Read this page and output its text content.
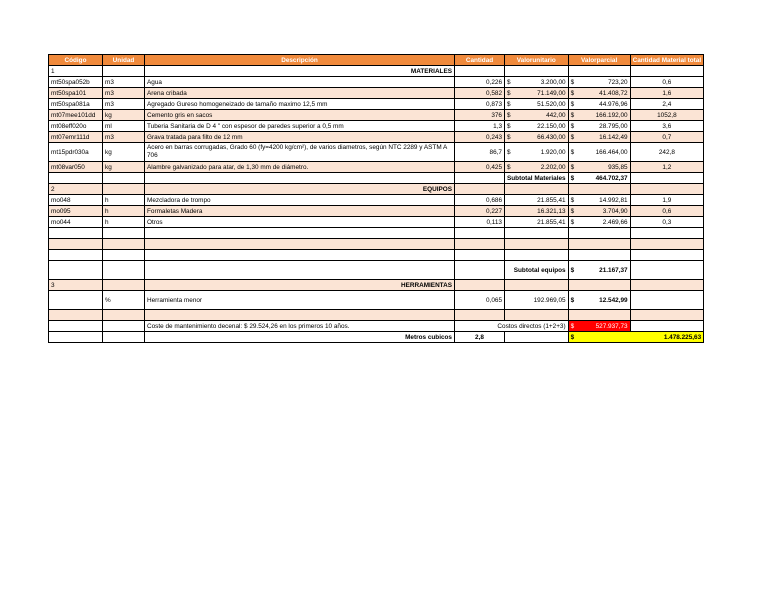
Código	Unidad	Descripción	Cantidad	Valorunitario	Valorparcial	Cantidad Material total
1		MATERIALES				
mt50spa052b	m3	Agua	0,226	$ 3.200,00	$ 723,20	0,6
mt50spa101	m3	Arena cribada	0,582	$ 71.149,00	$ 41.408,72	1,6
mt50spa081a	m3	Agregado Gureso homogeneizado de tamaño maximo 12,5 mm	0,873	$ 51.520,00	$ 44.976,96	2,4
mt07mee101dd	kg	Cemento gris en sacos	376	$ 442,00	$ 166.192,00	1052,8
mt08eff020o	ml	Tuberia Sanitaria de D 4 " con espesor de paredes superior a 0,5 mm	1,3	$ 22.150,00	$ 28.795,00	3,6
mt07emr111d	m3	Grava tratada para filto de 12 mm	0,243	$ 66.430,00	$ 16.142,49	0,7
mt15pdr030a	kg	Acero en barras corrugadas, Grado 60 (fy=4200 kg/cm²), de varios diametros, según NTC 2289 y ASTM A 706	86,7	$ 1.920,00	$ 166.464,00	242,8
mt08var050	kg	Alambre galvanizado para atar, de 1,30 mm de diámetro.	0,425	$ 2.202,00	$ 935,85	1,2
				Subtotal Materiales	$ 464.702,37	

2		EQUIPOS				
mo048	h	Mezcladora de trompo	0,686	21.855,41	$ 14.992,81	1,9
mo095	h	Formaletas Madera	0,227	16.321,13	$ 3.704,90	0,6
mo044	h	Otros	0,113	21.855,41	$ 2.469,66	0,3

				Subtotal equipos	$ 21.167,37	

3		HERRAMIENTAS				
	%	Herramienta menor	0,065	192.969,05	$ 12.542,99	

		Coste de mantenimiento decenal: $ 29.524,26 en los primeros 10 años.	Costos directos (1+2+3)		$ 527.937,73	

		Metros cubicos	2,8		$ 1.478.225,63	
